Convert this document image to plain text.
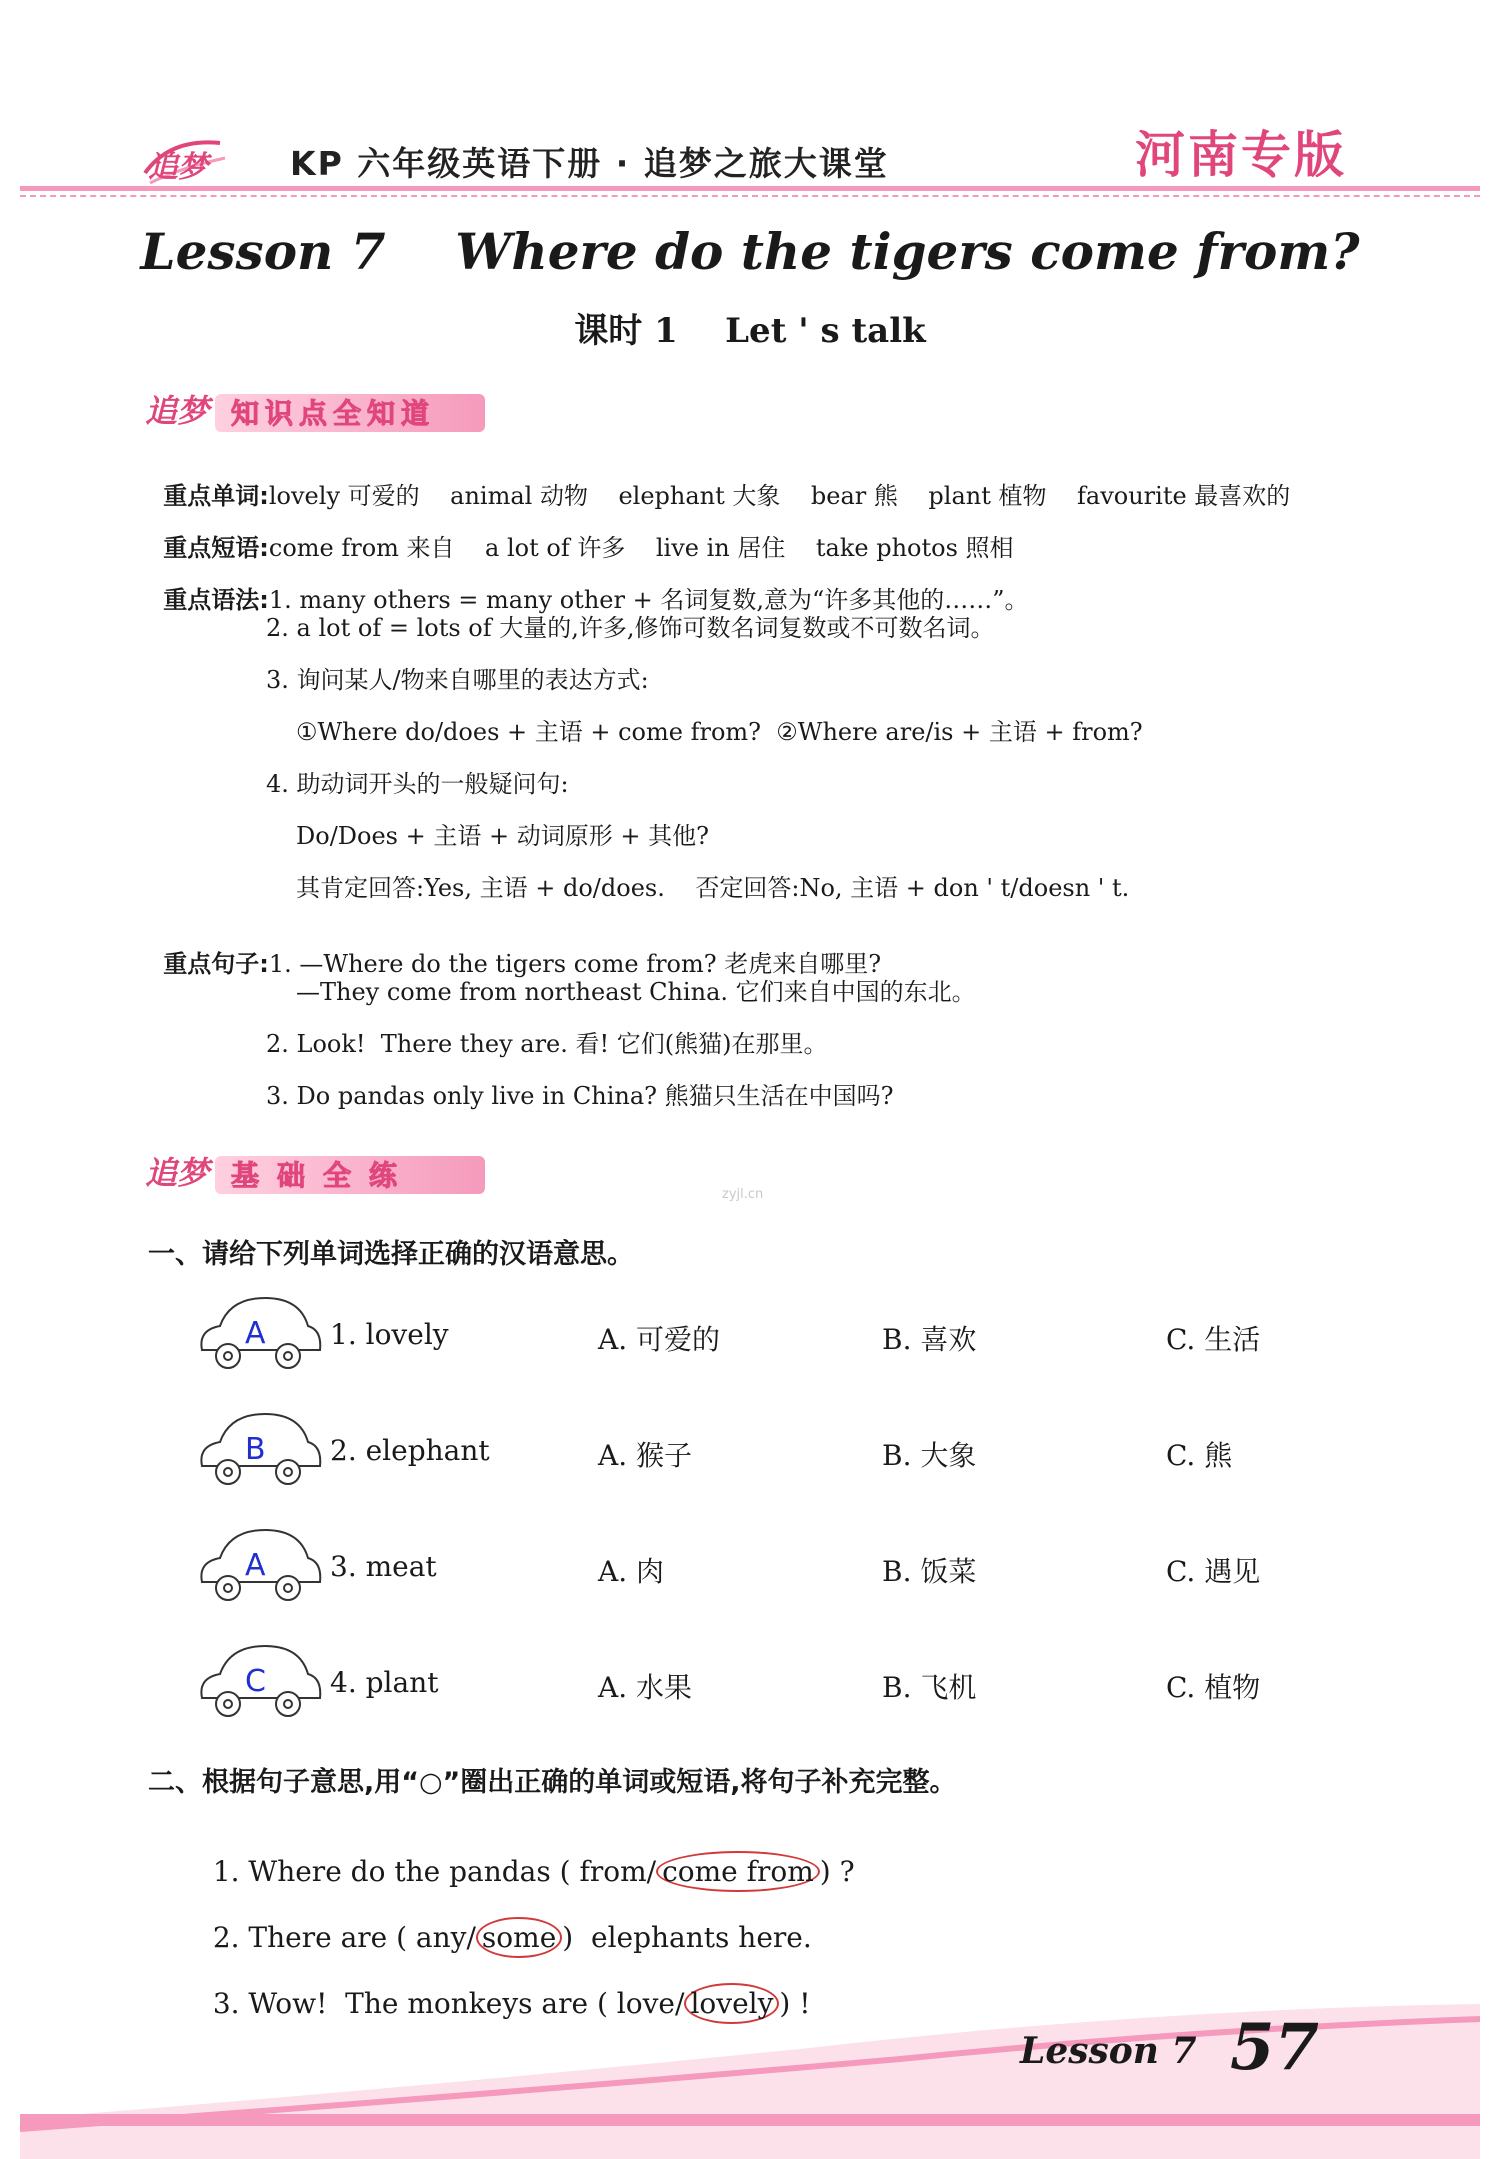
追梦 KP 六年级英语下册 · 追梦之旅大课堂	河南专版
Lesson 7    Where do the tigers come from?
课时 1    Let ' s talk
追梦 知识点全知道

重点单词:lovely 可爱的    animal 动物    elephant 大象    bear 熊    plant 植物    favourite 最喜欢的

重点短语:come from 来自    a lot of 许多    live in 居住    take photos 照相

重点语法:1. many others = many other + 名词复数,意为“许多其他的……”。

2. a lot of = lots of 大量的,许多,修饰可数名词复数或不可数名词。
3. 询问某人/物来自哪里的表达方式:
①Where do/does + 主语 + come from?  ②Where are/is + 主语 + from?
4. 助动词开头的一般疑问句:
Do/Does + 主语 + 动词原形 + 其他?
其肯定回答:Yes, 主语 + do/does.    否定回答:No, 主语 + don ' t/doesn ' t.

重点句子:1. —Where do the tigers come from? 老虎来自哪里?

—They come from northeast China. 它们来自中国的东北。
2. Look!  There they are. 看! 它们(熊猫)在那里。
3. Do pandas only live in China? 熊猫只生活在中国吗?
追梦 基础全练
zyjl.cn
一、请给下列单词选择正确的汉语意思。
A 1. lovely	A. 可爱的	B. 喜欢	C. 生活
B 2. elephant	A. 猴子	B. 大象	C. 熊
A 3. meat	A. 肉	B. 饭菜	C. 遇见
C 4. plant	A. 水果	B. 飞机	C. 植物
二、根据句子意思,用“○”圈出正确的单词或短语,将句子补充完整。

1. Where do the pandas ( from/ come from ) ?

2. There are ( any/ some )  elephants here.

3. Wow!  The monkeys are ( love/ lovely ) !

Lesson 7 57
